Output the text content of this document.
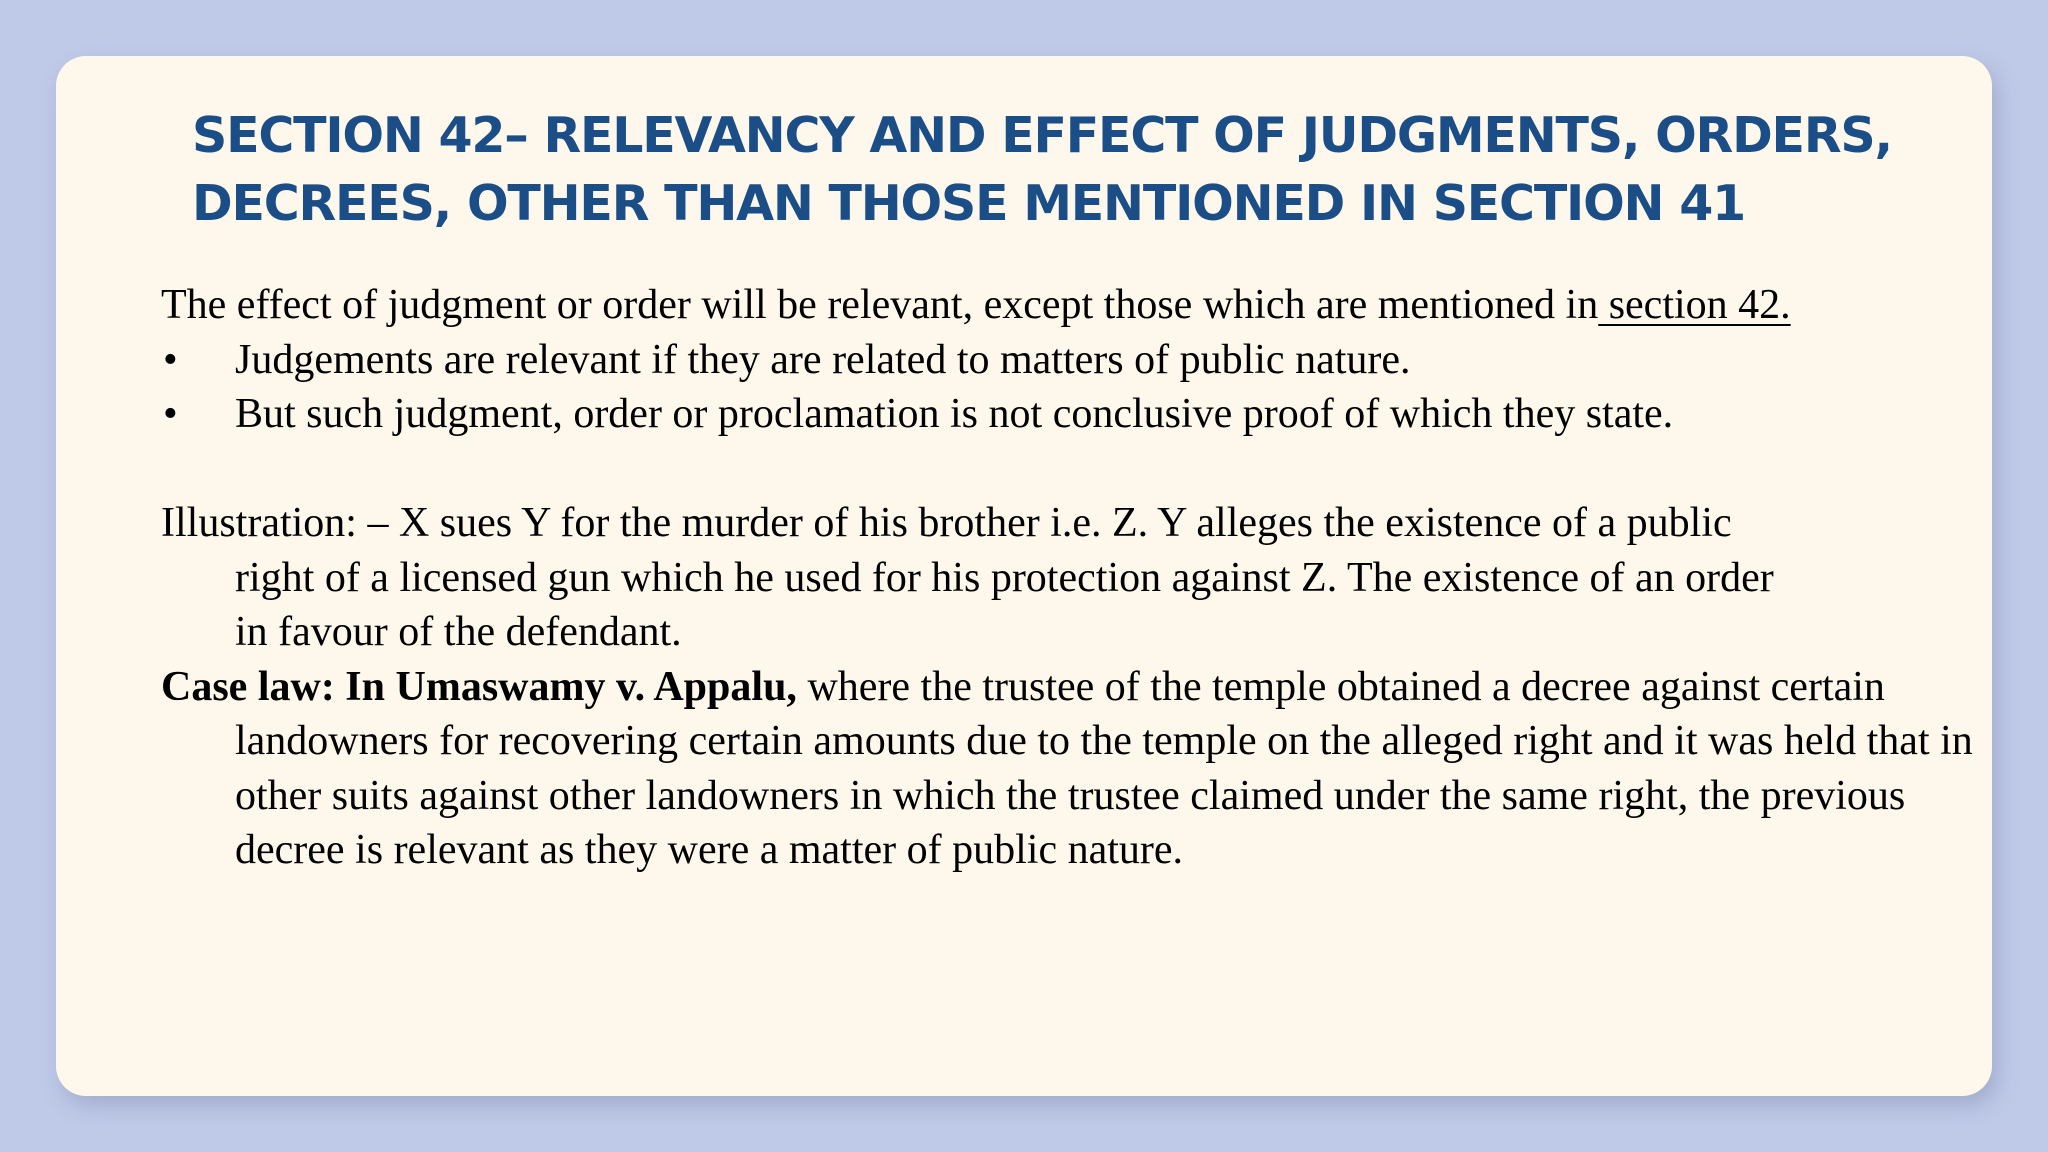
SECTION 42– RELEVANCY AND EFFECT OF JUDGMENTS, ORDERS,
DECREES, OTHER THAN THOSE MENTIONED IN SECTION 41

The effect of judgment or order will be relevant, except those which are mentioned in section 42.

• Judgements are relevant if they are related to matters of public nature.

• But such judgment, order or proclamation is not conclusive proof of which they state.

Illustration: – X sues Y for the murder of his brother i.e. Z. Y alleges the existence of a public
right of a licensed gun which he used for his protection against Z. The existence of an order
in favour of the defendant.

Case law: In Umaswamy v. Appalu, where the trustee of the temple obtained a decree against certain landowners for recovering certain amounts due to the temple on the alleged right and it was held that in other suits against other landowners in which the trustee claimed under the same right, the previous decree is relevant as they were a matter of public nature.
